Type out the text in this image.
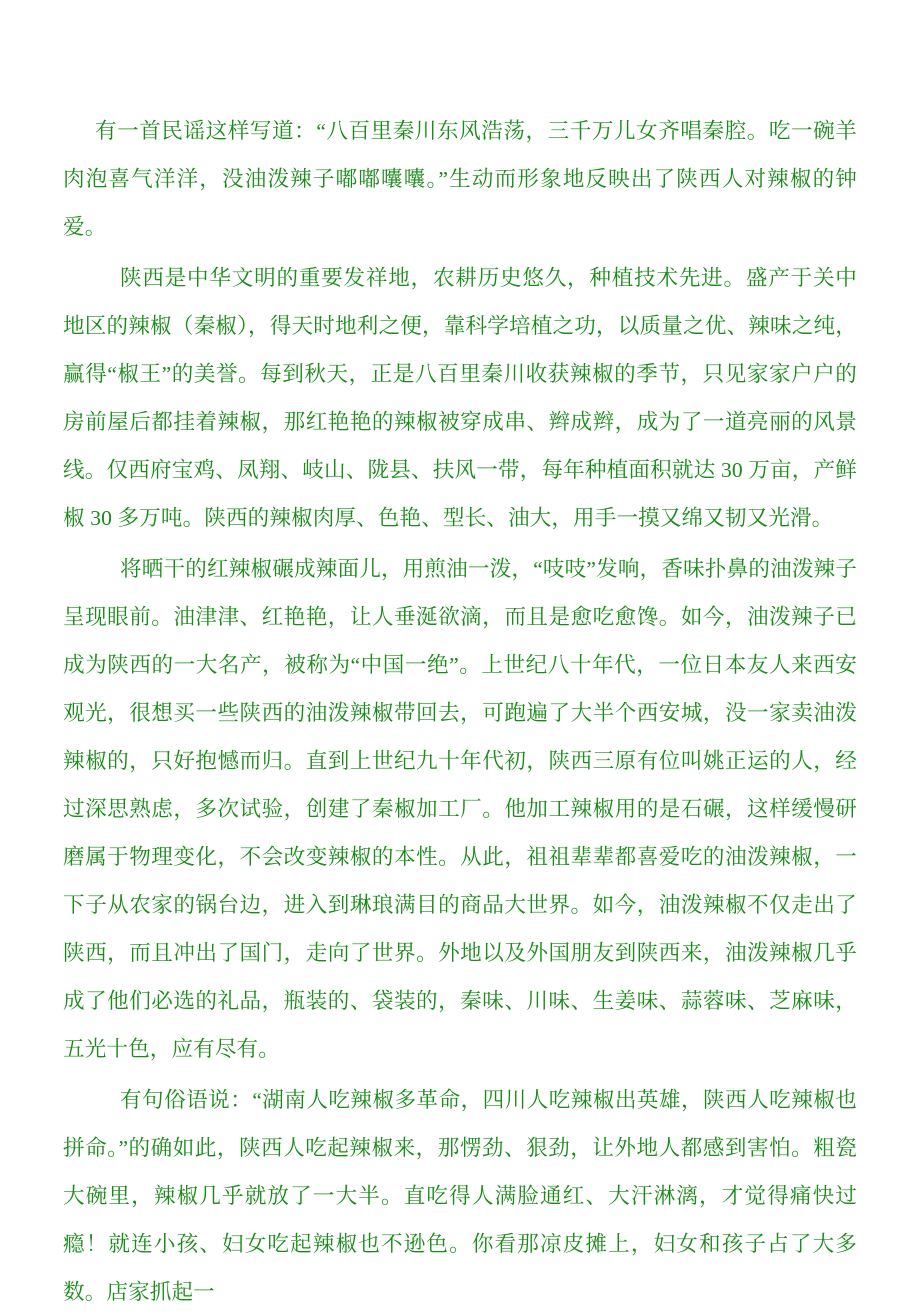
有一首民谣这样写道：“八百里秦川东风浩荡，三千万儿女齐唱秦腔。吃一碗羊肉泡喜气洋洋，没油泼辣子嘟嘟囔囔。”生动而形象地反映出了陕西人对辣椒的钟爱。

陕西是中华文明的重要发祥地，农耕历史悠久，种植技术先进。盛产于关中地区的辣椒（秦椒），得天时地利之便，靠科学培植之功，以质量之优、辣味之纯，赢得“椒王”的美誉。每到秋天，正是八百里秦川收获辣椒的季节，只见家家户户的房前屋后都挂着辣椒，那红艳艳的辣椒被穿成串、辫成辫，成为了一道亮丽的风景线。仅西府宝鸡、凤翔、岐山、陇县、扶风一带，每年种植面积就达 30 万亩，产鲜椒 30 多万吨。陕西的辣椒肉厚、色艳、型长、油大，用手一摸又绵又韧又光滑。

将晒干的红辣椒碾成辣面儿，用煎油一泼，“吱吱”发响，香味扑鼻的油泼辣子呈现眼前。油津津、红艳艳，让人垂涎欲滴，而且是愈吃愈馋。如今，油泼辣子已成为陕西的一大名产，被称为“中国一绝”。上世纪八十年代，一位日本友人来西安观光，很想买一些陕西的油泼辣椒带回去，可跑遍了大半个西安城，没一家卖油泼辣椒的，只好抱憾而归。直到上世纪九十年代初，陕西三原有位叫姚正运的人，经过深思熟虑，多次试验，创建了秦椒加工厂。他加工辣椒用的是石碾，这样缓慢研磨属于物理变化，不会改变辣椒的本性。从此，祖祖辈辈都喜爱吃的油泼辣椒，一下子从农家的锅台边，进入到琳琅满目的商品大世界。如今，油泼辣椒不仅走出了陕西，而且冲出了国门，走向了世界。外地以及外国朋友到陕西来，油泼辣椒几乎成了他们必选的礼品，瓶装的、袋装的，秦味、川味、生姜味、蒜蓉味、芝麻味，五光十色，应有尽有。

有句俗语说：“湖南人吃辣椒多革命，四川人吃辣椒出英雄，陕西人吃辣椒也拼命。”的确如此，陕西人吃起辣椒来，那愣劲、狠劲，让外地人都感到害怕。粗瓷大碗里，辣椒几乎就放了一大半。直吃得人满脸通红、大汗淋漓，才觉得痛快过瘾！就连小孩、妇女吃起辣椒也不逊色。你看那凉皮摊上，妇女和孩子占了大多数。店家抓起一
